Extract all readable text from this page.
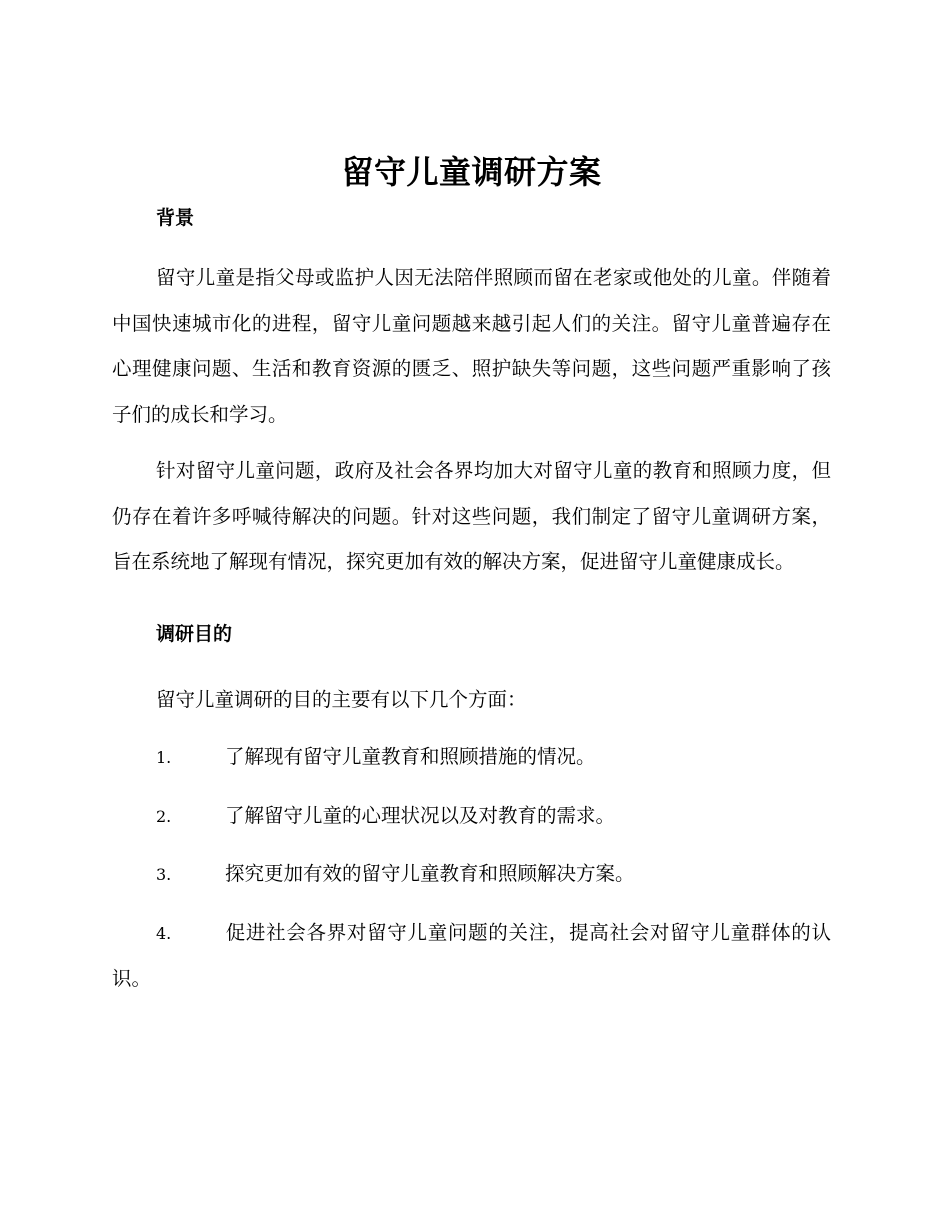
留守儿童调研方案
背景

留守儿童是指父母或监护人因无法陪伴照顾而留在老家或他处的儿童。伴随着中国快速城市化的进程，留守儿童问题越来越引起人们的关注。留守儿童普遍存在心理健康问题、生活和教育资源的匮乏、照护缺失等问题，这些问题严重影响了孩子们的成长和学习。

针对留守儿童问题，政府及社会各界均加大对留守儿童的教育和照顾力度，但仍存在着许多呼喊待解决的问题。针对这些问题，我们制定了留守儿童调研方案，旨在系统地了解现有情况，探究更加有效的解决方案，促进留守儿童健康成长。

调研目的

留守儿童调研的目的主要有以下几个方面：

1.	了解现有留守儿童教育和照顾措施的情况。
2.	了解留守儿童的心理状况以及对教育的需求。
3.	探究更加有效的留守儿童教育和照顾解决方案。
4.	促进社会各界对留守儿童问题的关注，提高社会对留守儿童群体的认识。
